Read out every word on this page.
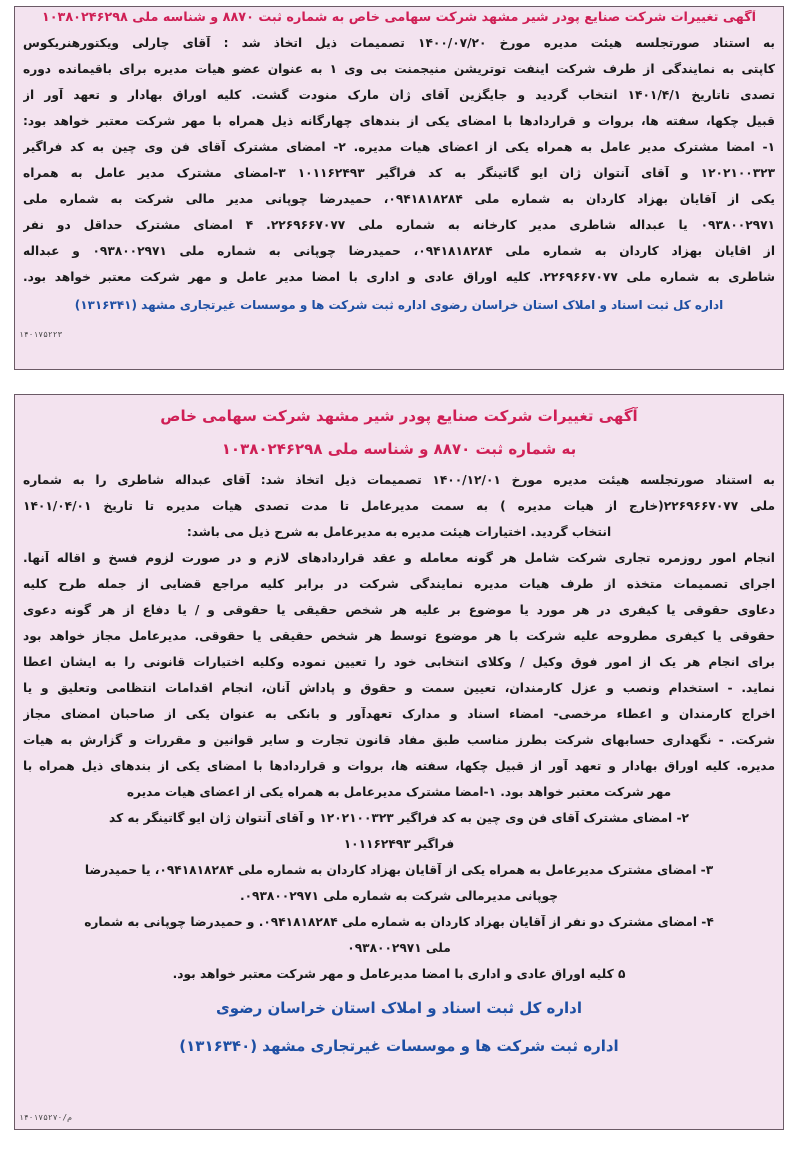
آگهی تغییرات شرکت صنایع پودر شیر مشهد شرکت سهامی خاص به شماره ثبت ۸۸۷۰ و شناسه ملی ۱۰۳۸۰۲۴۶۲۹۸
به استناد صورتجلسه هیئت مدیره مورخ ۱۴۰۰/۰۷/۲۰ تصمیمات ذیل اتخاذ شد : آقای چارلی ویکتورهنریکوس
کاپتی به نمایندگی از طرف شرکت اینفت توتریشن منیجمنت بی وی ۱ به عنوان عضو هیات مدیره برای باقیمانده دوره
تصدی تاتاریخ ۱۴۰۱/۴/۱ انتخاب گردید و جایگزین آقای ژان مارک منودت گشت. کلیه اوراق بهادار و تعهد آور از
قبیل چکها، سفته ها، بروات و قراردادها با امضای یکی از بندهای چهارگانه ذیل همراه با مهر شرکت معتبر خواهد بود:
۱- امضا مشترک مدیر عامل به همراه یکی از اعضای هیات مدیره. ۲- امضای مشترک آقای فن وی چین به کد فراگیر
۱۲۰۲۱۰۰۳۲۳ و آقای آنتوان ژان ایو گاتینگر به کد فراگیر ۱۰۱۱۶۲۴۹۳ ۳-امضای مشترک مدیر عامل به همراه
یکی از آقایان بهزاد کاردان به شماره ملی ۰۹۴۱۸۱۸۲۸۴، حمیدرضا چوپانی مدیر مالی شرکت به شماره ملی
۰۹۳۸۰۰۲۹۷۱ یا عبداله شاطری مدیر کارخانه به شماره ملی ۲۲۶۹۶۶۷۰۷۷. ۴ امضای مشترک حداقل دو نفر
از اقایان بهزاد کاردان به شماره ملی ۰۹۴۱۸۱۸۲۸۴، حمیدرضا چوپانی به شماره ملی ۰۹۳۸۰۰۲۹۷۱ و عبداله
شاطری به شماره ملی ۲۲۶۹۶۶۷۰۷۷. کلیه اوراق عادی و اداری با امضا مدیر عامل و مهر شرکت معتبر خواهد بود.
اداره کل ثبت اسناد و املاک استان خراسان رضوی اداره ثبت شرکت ها و موسسات غیرتجاری مشهد (۱۳۱۶۳۴۱)
۱۴۰۱۷۵۲۲۳
آگهی تغییرات شرکت صنایع پودر شیر مشهد شرکت سهامی خاص
به شماره ثبت ۸۸۷۰ و شناسه ملی ۱۰۳۸۰۲۴۶۲۹۸
به استناد صورتجلسه هیئت مدیره مورخ ۱۴۰۰/۱۲/۰۱ تصمیمات ذیل اتخاذ شد: آقای عبداله شاطری را به شماره
ملی ۲۲۶۹۶۶۷۰۷۷(خارج از هیات مدیره ) به سمت مدیرعامل تا مدت تصدی هیات مدیره تا تاریخ ۱۴۰۱/۰۴/۰۱
انتخاب گردید. اختیارات هیئت مدیره به مدیرعامل به شرح ذیل می باشد:
انجام امور روزمره تجاری شرکت شامل هر گونه معامله و عقد قراردادهای لازم و در صورت لزوم فسخ و اقاله آنها.
اجرای تصمیمات متخذه از طرف هیات مدیره نمایندگی شرکت در برابر کلیه مراجع قضایی از جمله طرح کلیه
دعاوی حقوقی یا کیفری در هر مورد یا موضوع بر علیه هر شخص حقیقی یا حقوقی و / یا دفاع از هر گونه دعوی
حقوقی یا کیفری مطروحه علیه شرکت با هر موضوع توسط هر شخص حقیقی یا حقوقی. مدیرعامل مجاز خواهد بود
برای انجام هر یک از امور فوق وکیل / وکلای انتخابی خود را تعیین نموده وکلیه اختیارات قانونی را به ایشان اعطا
نماید. - استخدام ونصب و عزل کارمندان، تعیین سمت و حقوق و پاداش آنان، انجام اقدامات انتظامی وتعلیق و یا
اخراج کارمندان و اعطاء مرخصی- امضاء اسناد و مدارک تعهدآور و بانکی به عنوان یکی از صاحبان امضای مجاز
شرکت. - نگهداری حسابهای شرکت بطرز مناسب طبق مفاد قانون تجارت و سایر قوانین و مقررات و گزارش به هیات
مدیره. کلیه اوراق بهادار و تعهد آور از قبیل چکها، سفته ها، بروات و قراردادها با امضای یکی از بندهای ذیل همراه با
مهر شرکت معتبر خواهد بود. ۱-امضا مشترک مدیرعامل به همراه یکی از اعضای هیات مدیره
۲- امضای مشترک آقای فن وی چین به کد فراگیر ۱۲۰۲۱۰۰۳۲۳ و آقای آنتوان ژان ایو گاتینگر به کد
فراگیر ۱۰۱۱۶۲۴۹۳
۳- امضای مشترک مدیرعامل به همراه یکی از آقایان بهزاد کاردان به شماره ملی ۰۹۴۱۸۱۸۲۸۴، یا حمیدرضا
چوپانی مدیرمالی شرکت به شماره ملی ۰۹۳۸۰۰۲۹۷۱.
۴- امضای مشترک دو نفر از آقایان بهزاد کاردان به شماره ملی ۰۹۴۱۸۱۸۲۸۴. و حمیدرضا چوپانی به شماره
ملی ۰۹۳۸۰۰۲۹۷۱
۵ کلیه اوراق عادی و اداری با امضا مدیرعامل و مهر شرکت معتبر خواهد بود.
اداره کل ثبت اسناد و املاک استان خراسان رضوی
اداره ثبت شرکت ها و موسسات غیرتجاری مشهد (۱۳۱۶۳۴۰)
م/۱۴۰۱۷۵۲۷۰
